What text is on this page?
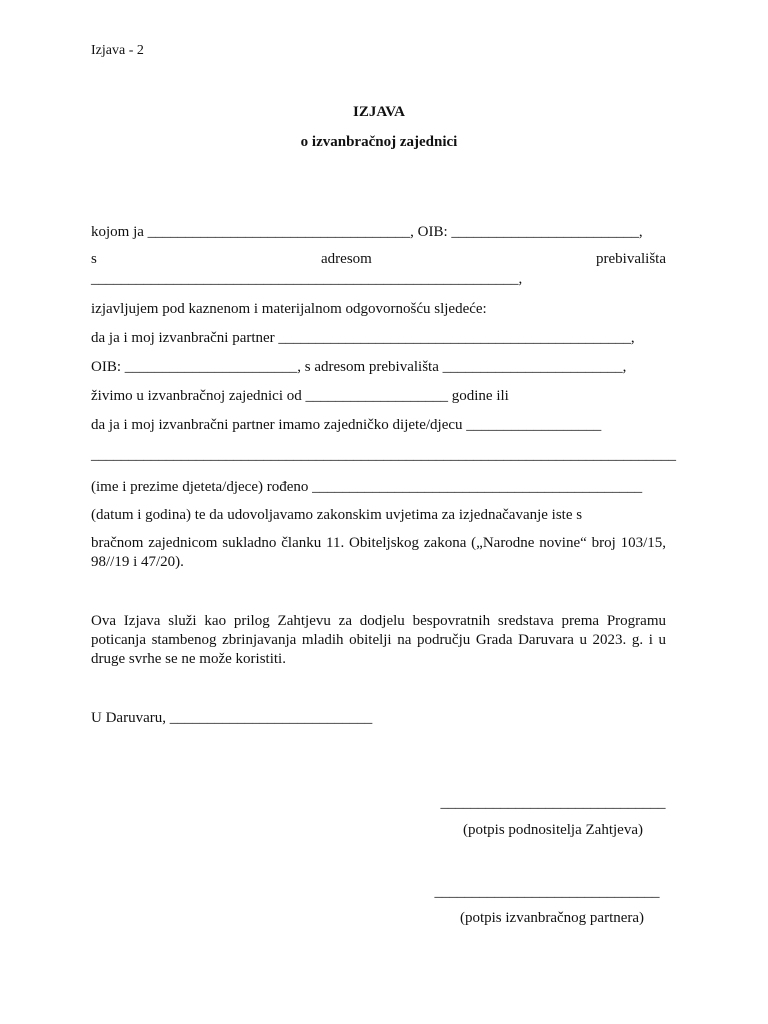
Izjava - 2
IZJAVA
o izvanbračnoj zajednici
kojom ja ___________________________________, OIB: _________________________,
s	adresom	prebivališta
_________________________________________________________,
izjavljujem pod kaznenom i materijalnom odgovornošću sljedeće:
da ja i moj izvanbračni partner _______________________________________________,
OIB: _______________________, s adresom prebivališta ________________________,
živimo u izvanbračnoj zajednici od ___________________ godine ili
da ja i moj izvanbračni partner imamo zajedničko dijete/djecu __________________
______________________________________________________________________________
(ime i prezime djeteta/djece) rođeno ____________________________________________
(datum i godina) te da udovoljavamo zakonskim uvjetima za izjednačavanje iste s
bračnom zajednicom sukladno članku 11. Obiteljskog zakona („Narodne novine“ broj 103/15, 98//19 i 47/20).
Ova Izjava služi kao prilog Zahtjevu za dodjelu bespovratnih sredstava prema Programu poticanja stambenog zbrinjavanja mladih obitelji na području Grada Daruvara u 2023. g. i u druge svrhe se ne može koristiti.
U Daruvaru, ___________________________
______________________________
(potpis podnositelja Zahtjeva)
______________________________
(potpis izvanbračnog partnera)
